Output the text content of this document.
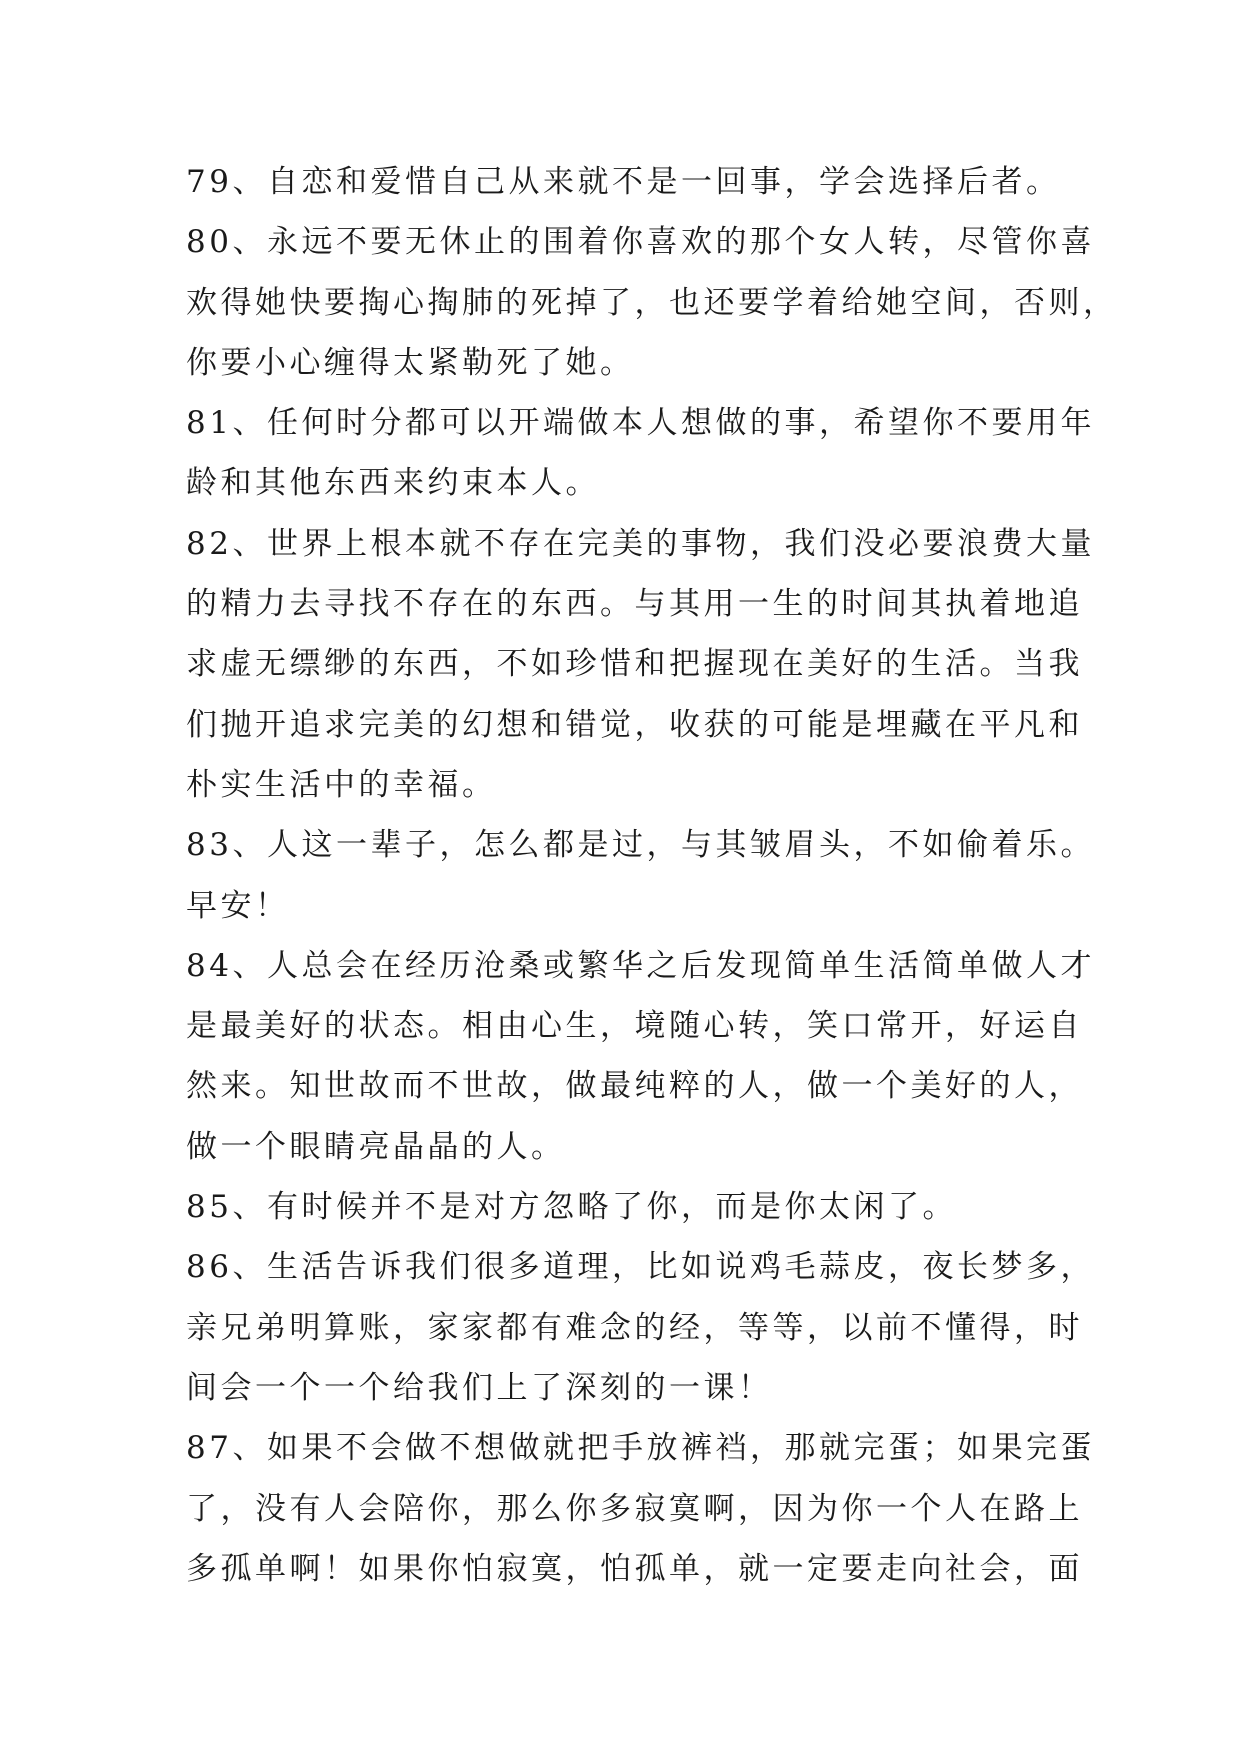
79、自恋和爱惜自己从来就不是一回事，学会选择后者。
80、永远不要无休止的围着你喜欢的那个女人转，尽管你喜
欢得她快要掏心掏肺的死掉了，也还要学着给她空间，否则，
你要小心缠得太紧勒死了她。
81、任何时分都可以开端做本人想做的事，希望你不要用年
龄和其他东西来约束本人。
82、世界上根本就不存在完美的事物，我们没必要浪费大量
的精力去寻找不存在的东西。与其用一生的时间其执着地追
求虚无缥缈的东西，不如珍惜和把握现在美好的生活。当我
们抛开追求完美的幻想和错觉，收获的可能是埋藏在平凡和
朴实生活中的幸福。
83、人这一辈子，怎么都是过，与其皱眉头，不如偷着乐。
早安！
84、人总会在经历沧桑或繁华之后发现简单生活简单做人才
是最美好的状态。相由心生，境随心转，笑口常开，好运自
然来。知世故而不世故，做最纯粹的人，做一个美好的人，
做一个眼睛亮晶晶的人。
85、有时候并不是对方忽略了你，而是你太闲了。
86、生活告诉我们很多道理，比如说鸡毛蒜皮，夜长梦多，
亲兄弟明算账，家家都有难念的经，等等，以前不懂得，时
间会一个一个给我们上了深刻的一课！
87、如果不会做不想做就把手放裤裆，那就完蛋；如果完蛋
了，没有人会陪你，那么你多寂寞啊，因为你一个人在路上
多孤单啊！如果你怕寂寞，怕孤单，就一定要走向社会，面
